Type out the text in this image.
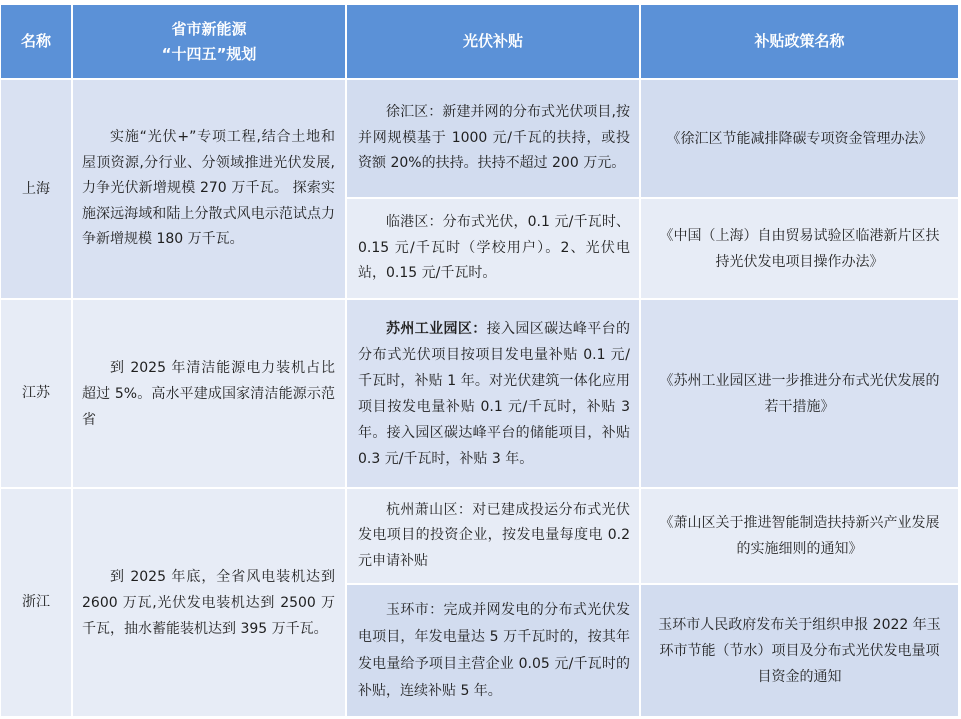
名称
省市新能源
“十四五”规划
光伏补贴	补贴政策名称

上海

实施“光伏+”专项工程,结合土地和屋顶资源,分行业、分领域推进光伏发展,力争光伏新增规模 270 万千瓦。 探索实施深远海域和陆上分散式风电示范试点力争新增规模 180 万千瓦。

徐汇区：新建并网的分布式光伏项目,按并网规模基于 1000 元/千瓦的扶持，或投资额 20%的扶持。扶持不超过 200 万元。

《徐汇区节能减排降碳专项资金管理办法》

临港区：分布式光伏，0.1 元/千瓦时、0.15 元/千瓦时（学校用户）。2、光伏电站，0.15 元/千瓦时。

《中国（上海）自由贸易试验区临港新片区扶持光伏发电项目操作办法》

江苏

到 2025 年清洁能源电力装机占比超过 5%。高水平建成国家清洁能源示范省

苏州工业园区：接入园区碳达峰平台的分布式光伏项目按项目发电量补贴 0.1 元/千瓦时，补贴 1 年。对光伏建筑一体化应用项目按发电量补贴 0.1 元/千瓦时，补贴 3 年。接入园区碳达峰平台的储能项目，补贴 0.3 元/千瓦时，补贴 3 年。

《苏州工业园区进一步推进分布式光伏发展的若干措施》

浙江

到 2025 年底，全省风电装机达到 2600 万瓦,光伏发电装机达到 2500 万千瓦，抽水蓄能装机达到 395 万千瓦。

杭州萧山区：对已建成投运分布式光伏发电项目的投资企业，按发电量每度电 0.2 元申请补贴

《萧山区关于推进智能制造扶持新兴产业发展的实施细则的通知》

玉环市：完成并网发电的分布式光伏发电项目，年发电量达 5 万千瓦时的，按其年发电量给予项目主营企业 0.05 元/千瓦时的补贴，连续补贴 5 年。

玉环市人民政府发布关于组织申报 2022 年玉环市节能（节水）项目及分布式光伏发电量项目资金的通知
